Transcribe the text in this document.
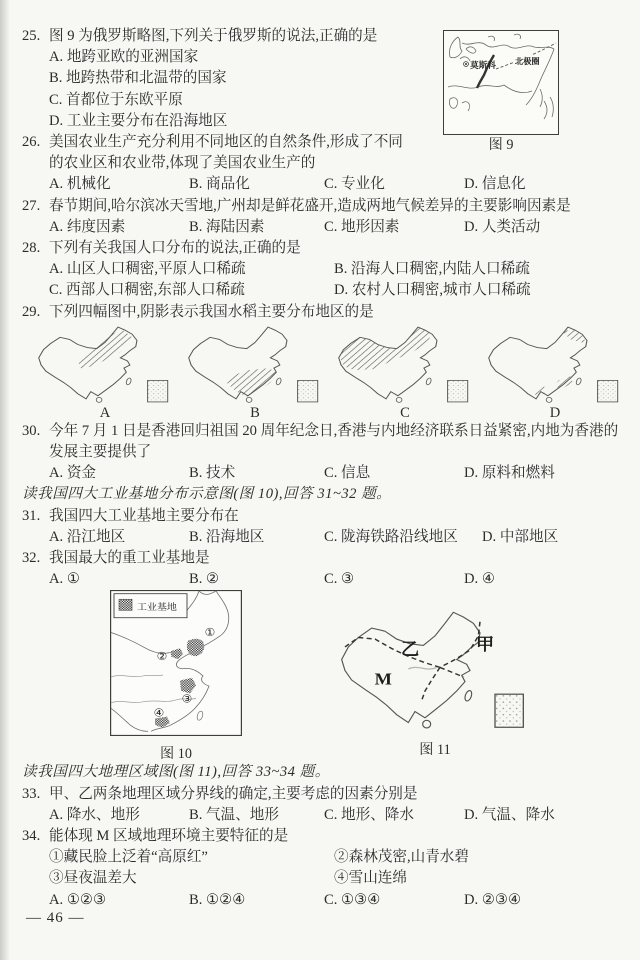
莫斯科 北极圈
图 9
25. 图 9 为俄罗斯略图,下列关于俄罗斯的说法,正确的是
A. 地跨亚欧的亚洲国家
B. 地跨热带和北温带的国家
C. 首都位于东欧平原
D. 工业主要分布在沿海地区
26. 美国农业生产充分利用不同地区的自然条件,形成了不同的农业区和农业带,体现了美国农业生产的
A. 机械化	B. 商品化	C. 专业化	D. 信息化
27. 春节期间,哈尔滨冰天雪地,广州却是鲜花盛开,造成两地气候差异的主要影响因素是
A. 纬度因素	B. 海陆因素	C. 地形因素	D. 人类活动
28. 下列有关我国人口分布的说法,正确的是
A. 山区人口稠密,平原人口稀疏	B. 沿海人口稠密,内陆人口稀疏
C. 西部人口稠密,东部人口稀疏	D. 农村人口稠密,城市人口稀疏
29. 下列四幅图中,阴影表示我国水稻主要分布地区的是
A	B	C	D
30. 今年 7 月 1 日是香港回归祖国 20 周年纪念日,香港与内地经济联系日益紧密,内地为香港的发展主要提供了
A. 资金	B. 技术	C. 信息	D. 原料和燃料
读我国四大工业基地分布示意图(图 10),回答 31~32 题。
31. 我国四大工业基地主要分布在
A. 沿江地区	B. 沿海地区	C. 陇海铁路沿线地区	D. 中部地区
32. 我国最大的重工业基地是
A. ①	B. ②	C. ③	D. ④
①
②
③
④
工业基地
图 10
甲
乙
M
图 11
读我国四大地理区域图(图 11),回答 33~34 题。
33. 甲、乙两条地理区域分界线的确定,主要考虑的因素分别是
A. 降水、地形	B. 气温、地形	C. 地形、降水	D. 气温、降水
34. 能体现 M 区域地理环境主要特征的是
①藏民脸上泛着“高原红”	②森林茂密,山青水碧
③昼夜温差大	④雪山连绵
A. ①②③	B. ①②④	C. ①③④	D. ②③④
— 46 —
